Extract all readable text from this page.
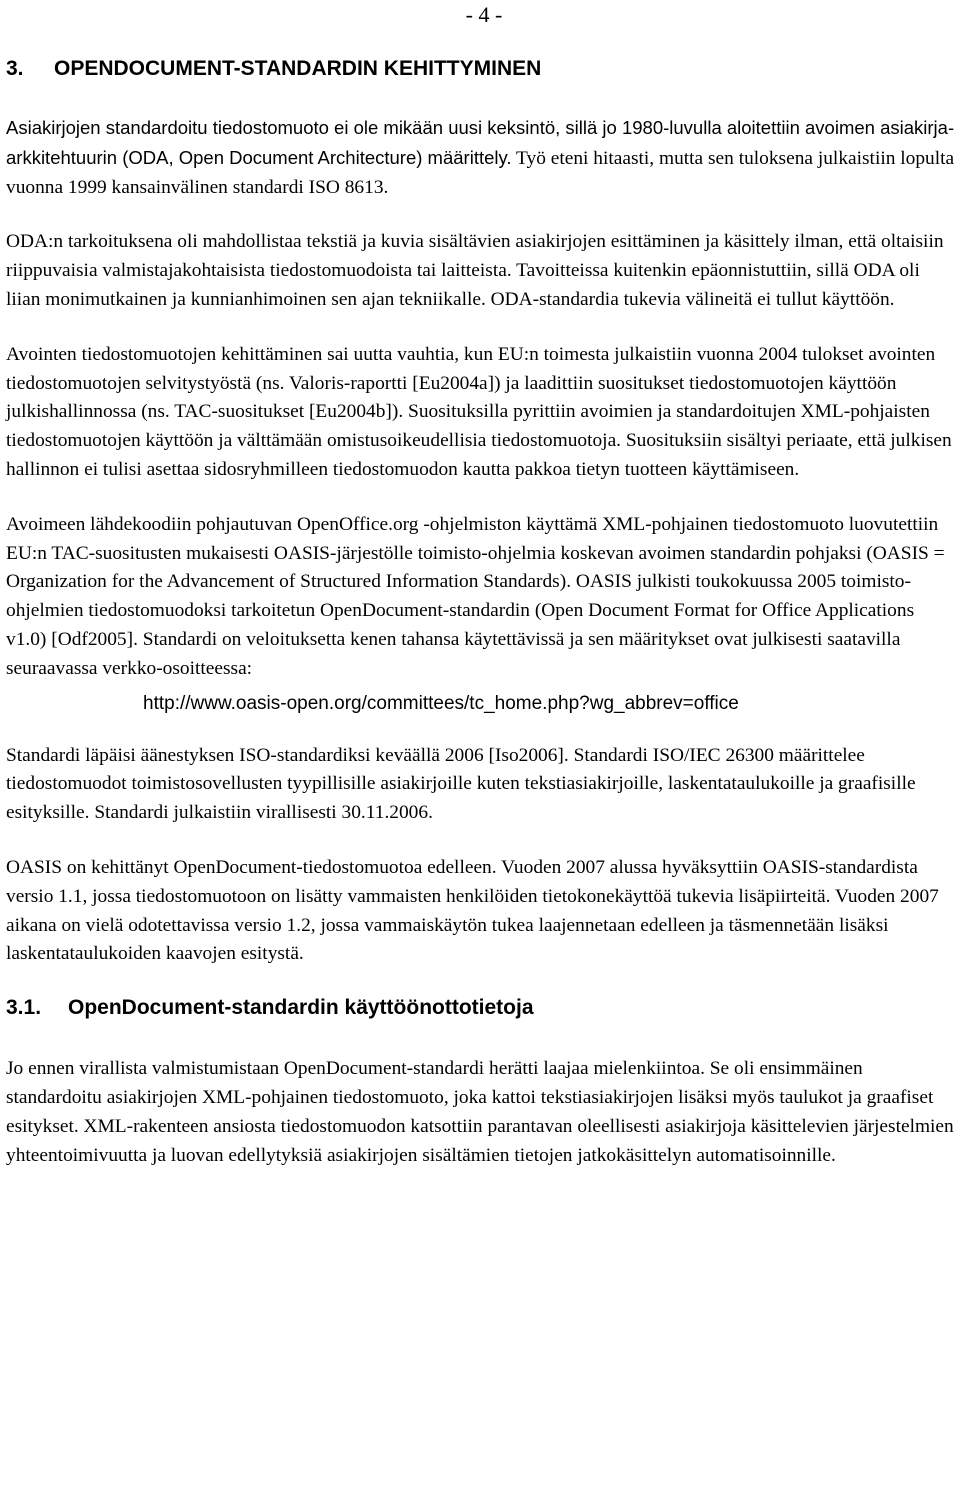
- 4 -
3. OPENDOCUMENT-STANDARDIN KEHITTYMINEN

Asiakirjojen standardoitu tiedostomuoto ei ole mikään uusi keksintö, sillä jo 1980-luvulla aloitettiin avoimen asiakirja-arkkitehtuurin (ODA, Open Document Architecture) määrittely. Työ eteni hitaasti, mutta sen tuloksena julkaistiin lopulta vuonna 1999 kansainvälinen standardi ISO 8613.

ODA:n tarkoituksena oli mahdollistaa tekstiä ja kuvia sisältävien asiakirjojen esittäminen ja käsittely ilman, että oltaisiin riippuvaisia valmistajakohtaisista tiedostomuodoista tai laitteista. Tavoitteissa kuitenkin epäonnistuttiin, sillä ODA oli liian monimutkainen ja kunnianhimoinen sen ajan tekniikalle. ODA-standardia tukevia välineitä ei tullut käyttöön.

Avointen tiedostomuotojen kehittäminen sai uutta vauhtia, kun EU:n toimesta julkaistiin vuonna 2004 tulokset avointen tiedostomuotojen selvitystyöstä (ns. Valoris-raportti [Eu2004a]) ja laadittiin suositukset tiedostomuotojen käyttöön julkishallinnossa (ns. TAC-suositukset [Eu2004b]). Suosituksilla pyrittiin avoimien ja standardoitujen XML-pohjaisten tiedostomuotojen käyttöön ja välttämään omistusoikeudellisia tiedostomuotoja. Suosituksiin sisältyi periaate, että julkisen hallinnon ei tulisi asettaa sidosryhmilleen tiedostomuodon kautta pakkoa tietyn tuotteen käyttämiseen.

Avoimeen lähdekoodiin pohjautuvan OpenOffice.org -ohjelmiston käyttämä XML-pohjainen tiedostomuoto luovutettiin EU:n TAC-suositusten mukaisesti OASIS-järjestölle toimisto-ohjelmia koskevan avoimen standardin pohjaksi (OASIS = Organization for the Advancement of Structured Information Standards). OASIS julkisti toukokuussa 2005 toimisto-ohjelmien tiedostomuodoksi tarkoitetun OpenDocument-standardin (Open Document Format for Office Applications v1.0) [Odf2005]. Standardi on veloituksetta kenen tahansa käytettävissä ja sen määritykset ovat julkisesti saatavilla seuraavassa verkko-osoitteessa:

http://www.oasis-open.org/committees/tc_home.php?wg_abbrev=office

Standardi läpäisi äänestyksen ISO-standardiksi keväällä 2006 [Iso2006]. Standardi ISO/IEC 26300 määrittelee tiedostomuodot toimistosovellusten tyypillisille asiakirjoille kuten tekstiasiakirjoille, laskentataulukoille ja graafisille esityksille. Standardi julkaistiin virallisesti 30.11.2006.

OASIS on kehittänyt OpenDocument-tiedostomuotoa edelleen. Vuoden 2007 alussa hyväksyttiin OASIS-standardista versio 1.1, jossa tiedostomuotoon on lisätty vammaisten henkilöiden tietokonekäyttöä tukevia lisäpiirteitä. Vuoden 2007 aikana on vielä odotettavissa versio 1.2, jossa vammaiskäytön tukea laajennetaan edelleen ja täsmennetään lisäksi laskentataulukoiden kaavojen esitystä.

3.1. OpenDocument-standardin käyttöönottotietoja

Jo ennen virallista valmistumistaan OpenDocument-standardi herätti laajaa mielenkiintoa. Se oli ensimmäinen standardoitu asiakirjojen XML-pohjainen tiedostomuoto, joka kattoi tekstiasiakirjojen lisäksi myös taulukot ja graafiset esitykset. XML-rakenteen ansiosta tiedostomuodon katsottiin parantavan oleellisesti asiakirjoja käsittelevien järjestelmien yhteentoimivuutta ja luovan edellytyksiä asiakirjojen sisältämien tietojen jatkokäsittelyn automatisoinnille.
